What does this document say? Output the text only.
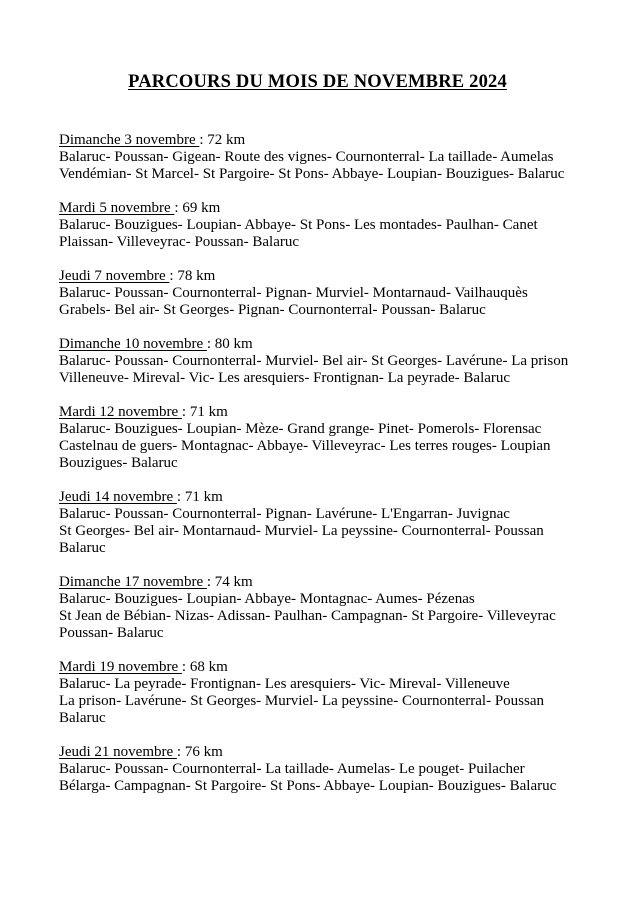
PARCOURS DU MOIS DE NOVEMBRE 2024
Dimanche 3 novembre : 72 km
Balaruc- Poussan- Gigean- Route des vignes- Cournonterral- La taillade- Aumelas
Vendémian- St Marcel- St Pargoire- St Pons- Abbaye- Loupian- Bouzigues- Balaruc
Mardi 5 novembre : 69 km
Balaruc- Bouzigues- Loupian- Abbaye- St Pons- Les montades- Paulhan- Canet
Plaissan- Villeveyrac- Poussan- Balaruc
Jeudi 7 novembre : 78 km
Balaruc- Poussan- Cournonterral- Pignan- Murviel- Montarnaud- Vailhauquès
Grabels- Bel air- St Georges- Pignan- Cournonterral- Poussan- Balaruc
Dimanche 10 novembre : 80 km
Balaruc- Poussan- Cournonterral- Murviel- Bel air- St Georges- Lavérune- La prison
Villeneuve- Mireval- Vic- Les aresquiers- Frontignan- La peyrade- Balaruc
Mardi 12 novembre : 71 km
Balaruc- Bouzigues- Loupian- Mèze- Grand grange- Pinet- Pomerols- Florensac
Castelnau de guers- Montagnac- Abbaye- Villeveyrac- Les terres rouges- Loupian
Bouzigues- Balaruc
Jeudi 14 novembre : 71 km
Balaruc- Poussan- Cournonterral- Pignan- Lavérune- L'Engarran- Juvignac
St Georges- Bel air- Montarnaud- Murviel- La peyssine- Cournonterral- Poussan
Balaruc
Dimanche 17 novembre : 74 km
Balaruc- Bouzigues- Loupian- Abbaye- Montagnac- Aumes- Pézenas
St Jean de Bébian- Nizas- Adissan- Paulhan- Campagnan- St Pargoire- Villeveyrac
Poussan- Balaruc
Mardi 19 novembre : 68 km
Balaruc- La peyrade- Frontignan- Les aresquiers- Vic- Mireval- Villeneuve
La prison- Lavérune- St Georges- Murviel- La peyssine- Cournonterral- Poussan
Balaruc
Jeudi 21 novembre : 76 km
Balaruc- Poussan- Cournonterral- La taillade- Aumelas- Le pouget- Puilacher
Bélarga- Campagnan- St Pargoire- St Pons- Abbaye- Loupian- Bouzigues- Balaruc
